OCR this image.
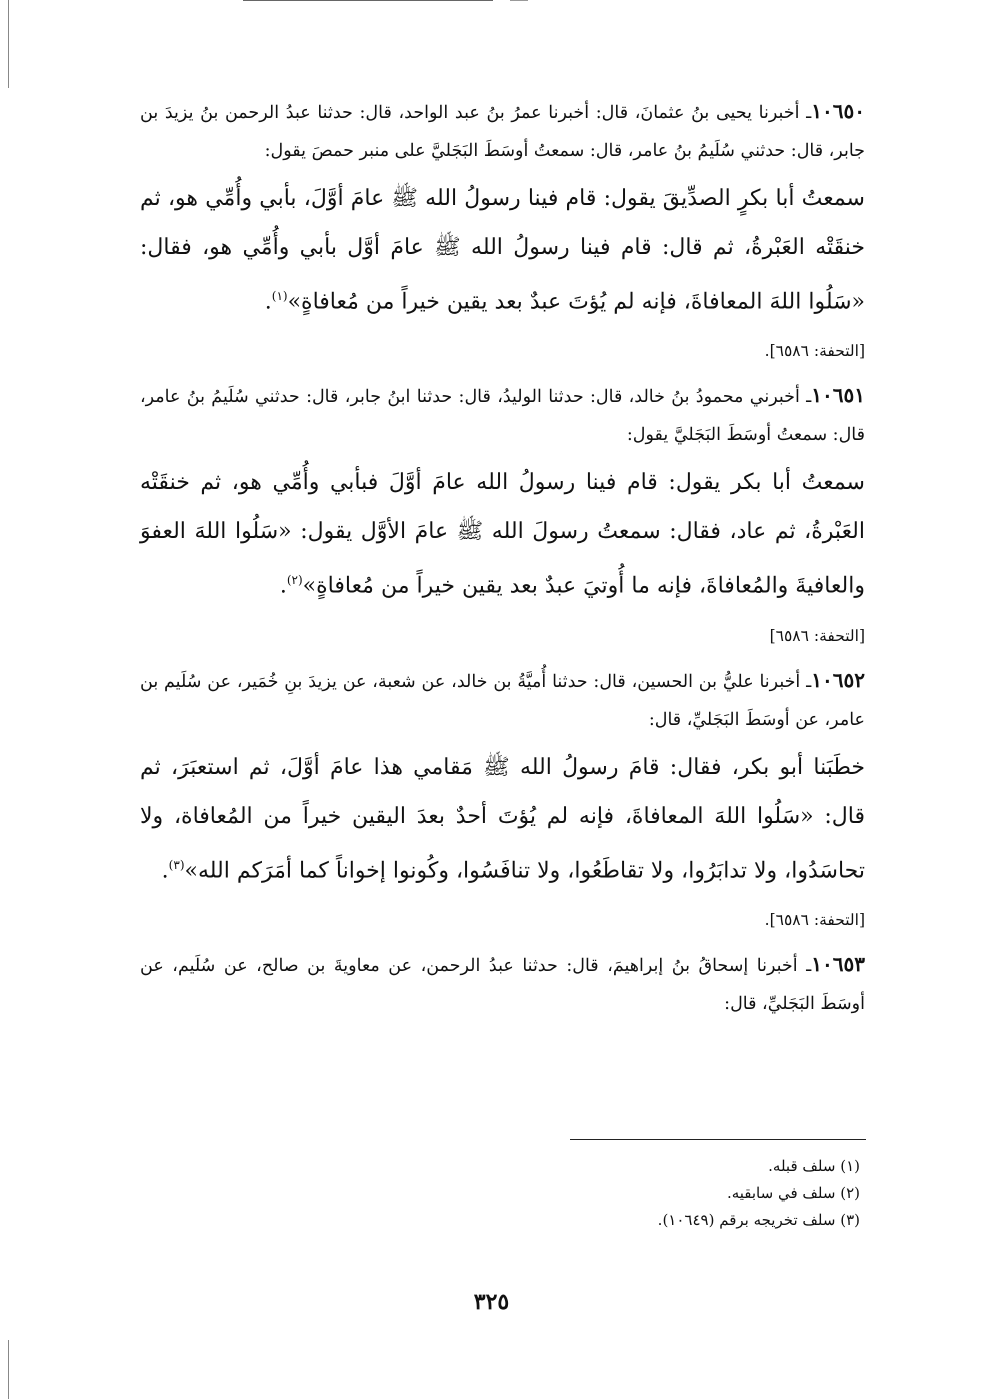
١٠٦٥٠ـ أخبرنا يحيى بنُ عثمانَ، قال: أخبرنا عمرُ بنُ عبد الواحد، قال: حدثنا عبدُ الرحمن بنُ يزيدَ بن جابر، قال: حدثني سُلَيمُ بنُ عامر، قال: سمعتُ أوسَطَ البَجَليَّ على منبر حمصَ يقول:

سمعتُ أبا بكرٍ الصدِّيقَ يقول: قام فينا رسولُ الله ﷺ عامَ أوَّلَ، بأبي وأُمِّي هو، ثم خنقَتْه العَبْرةُ، ثم قال: قام فينا رسولُ الله ﷺ عامَ أوَّل بأبي وأُمِّي هو، فقال: «سَلُوا اللهَ المعافاةَ، فإنه لم يُؤتَ عبدٌ بعد يقين خيراً من مُعافاةٍ»$^{(١)}$.

[التحفة: ٦٥٨٦].

١٠٦٥١ـ أخبرني محمودُ بنُ خالد، قال: حدثنا الوليدُ، قال: حدثنا ابنُ جابر، قال: حدثني سُلَيمُ بنُ عامر، قال: سمعتُ أوسَطَ البَجَليَّ يقول:

سمعتُ أبا بكر يقول: قام فينا رسولُ الله عامَ أوَّلَ فبأبي وأُمِّي هو، ثم خنقَتْه العَبْرةُ، ثم عاد، فقال: سمعتُ رسولَ الله ﷺ عامَ الأوَّل يقول: «سَلُوا اللهَ العفوَ والعافيةَ والمُعافاةَ، فإنه ما أُوتيَ عبدٌ بعد يقين خيراً من مُعافاةٍ»$^{(٢)}$.

[التحفة: ٦٥٨٦]

١٠٦٥٢ـ أخبرنا عليُّ بن الحسين، قال: حدثنا أُميَّةُ بن خالد، عن شعبة، عن يزيدَ بنِ خُمَير، عن سُلَيم بن عامر، عن أوسَطَ البَجَليِّ، قال:

خطَبَنا أبو بكر، فقال: قامَ رسولُ الله ﷺ مَقامي هذا عامَ أوَّلَ، ثم استعبَرَ، ثم قال: «سَلُوا اللهَ المعافاةَ، فإنه لم يُؤتَ أحدٌ بعدَ اليقين خيراً من المُعافاة، ولا تحاسَدُوا، ولا تدابَرُوا، ولا تقاطَعُوا، ولا تنافَسُوا، وكُونوا إخواناً كما أمَرَكم الله»$^{(٣)}$.

[التحفة: ٦٥٨٦].

١٠٦٥٣ـ أخبرنا إسحاقُ بنُ إبراهيمَ، قال: حدثنا عبدُ الرحمن، عن معاويةَ بن صالح، عن سُلَيم، عن أوسَطَ البَجَليِّ، قال:

(١) سلف قبله.

(٢) سلف في سابقيه.

(٣) سلف تخريجه برقم (١٠٦٤٩).

٣٢٥
